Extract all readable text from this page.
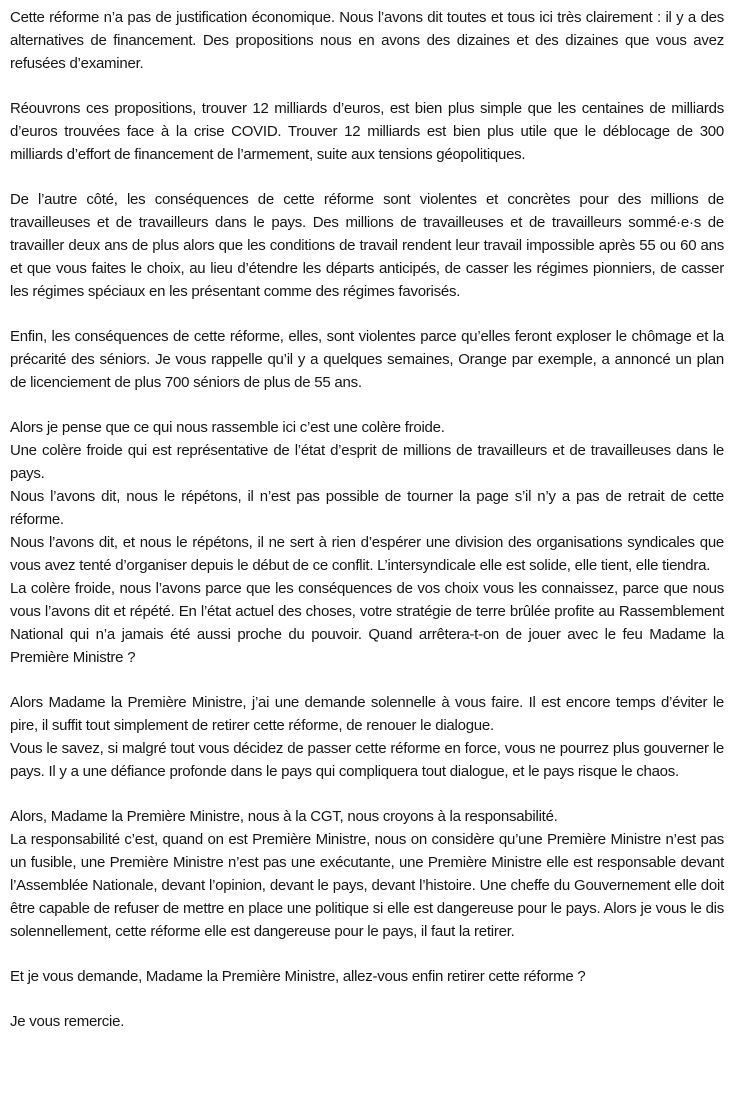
Cette réforme n’a pas de justification économique. Nous l’avons dit toutes et tous ici très clairement : il y a des alternatives de financement. Des propositions nous en avons des dizaines et des dizaines que vous avez refusées d’examiner.

Réouvrons ces propositions, trouver 12 milliards d’euros, est bien plus simple que les centaines de milliards d’euros trouvées face à la crise COVID. Trouver 12 milliards est bien plus utile que le déblocage de 300 milliards d’effort de financement de l’armement, suite aux tensions géopolitiques.

De l’autre côté, les conséquences de cette réforme sont violentes et concrètes pour des millions de travailleuses et de travailleurs dans le pays. Des millions de travailleuses et de travailleurs sommé·e·s de travailler deux ans de plus alors que les conditions de travail rendent leur travail impossible après 55 ou 60 ans et que vous faites le choix, au lieu d’étendre les départs anticipés, de casser les régimes pionniers, de casser les régimes spéciaux en les présentant comme des régimes favorisés.

Enfin, les conséquences de cette réforme, elles, sont violentes parce qu’elles feront exploser le chômage et la précarité des séniors. Je vous rappelle qu’il y a quelques semaines, Orange par exemple, a annoncé un plan de licenciement de plus 700 séniors de plus de 55 ans.

Alors je pense que ce qui nous rassemble ici c’est une colère froide.
Une colère froide qui est représentative de l’état d’esprit de millions de travailleurs et de travailleuses dans le pays.
Nous l’avons dit, nous le répétons, il n’est pas possible de tourner la page s’il n’y a pas de retrait de cette réforme.
Nous l’avons dit, et nous le répétons, il ne sert à rien d’espérer une division des organisations syndicales que vous avez tenté d’organiser depuis le début de ce conflit. L’intersyndicale elle est solide, elle tient, elle tiendra.
La colère froide, nous l’avons parce que les conséquences de vos choix vous les connaissez, parce que nous vous l’avons dit et répété. En l’état actuel des choses, votre stratégie de terre brûlée profite au Rassemblement National qui n’a jamais été aussi proche du pouvoir. Quand arrêtera-t-on de jouer avec le feu Madame la Première Ministre ?

Alors Madame la Première Ministre, j’ai une demande solennelle à vous faire. Il est encore temps d’éviter le pire, il suffit tout simplement de retirer cette réforme, de renouer le dialogue.
Vous le savez, si malgré tout vous décidez de passer cette réforme en force, vous ne pourrez plus gouverner le pays. Il y a une défiance profonde dans le pays qui compliquera tout dialogue, et le pays risque le chaos.

Alors, Madame la Première Ministre, nous à la CGT, nous croyons à la responsabilité.
La responsabilité c’est, quand on est Première Ministre, nous on considère qu’une Première Ministre n’est pas un fusible, une Première Ministre n’est pas une exécutante, une Première Ministre elle est responsable devant l’Assemblée Nationale, devant l’opinion, devant le pays, devant l’histoire. Une cheffe du Gouvernement elle doit être capable de refuser de mettre en place une politique si elle est dangereuse pour le pays. Alors je vous le dis solennellement, cette réforme elle est dangereuse pour le pays, il faut la retirer.

Et je vous demande, Madame la Première Ministre, allez-vous enfin retirer cette réforme ?

Je vous remercie.
